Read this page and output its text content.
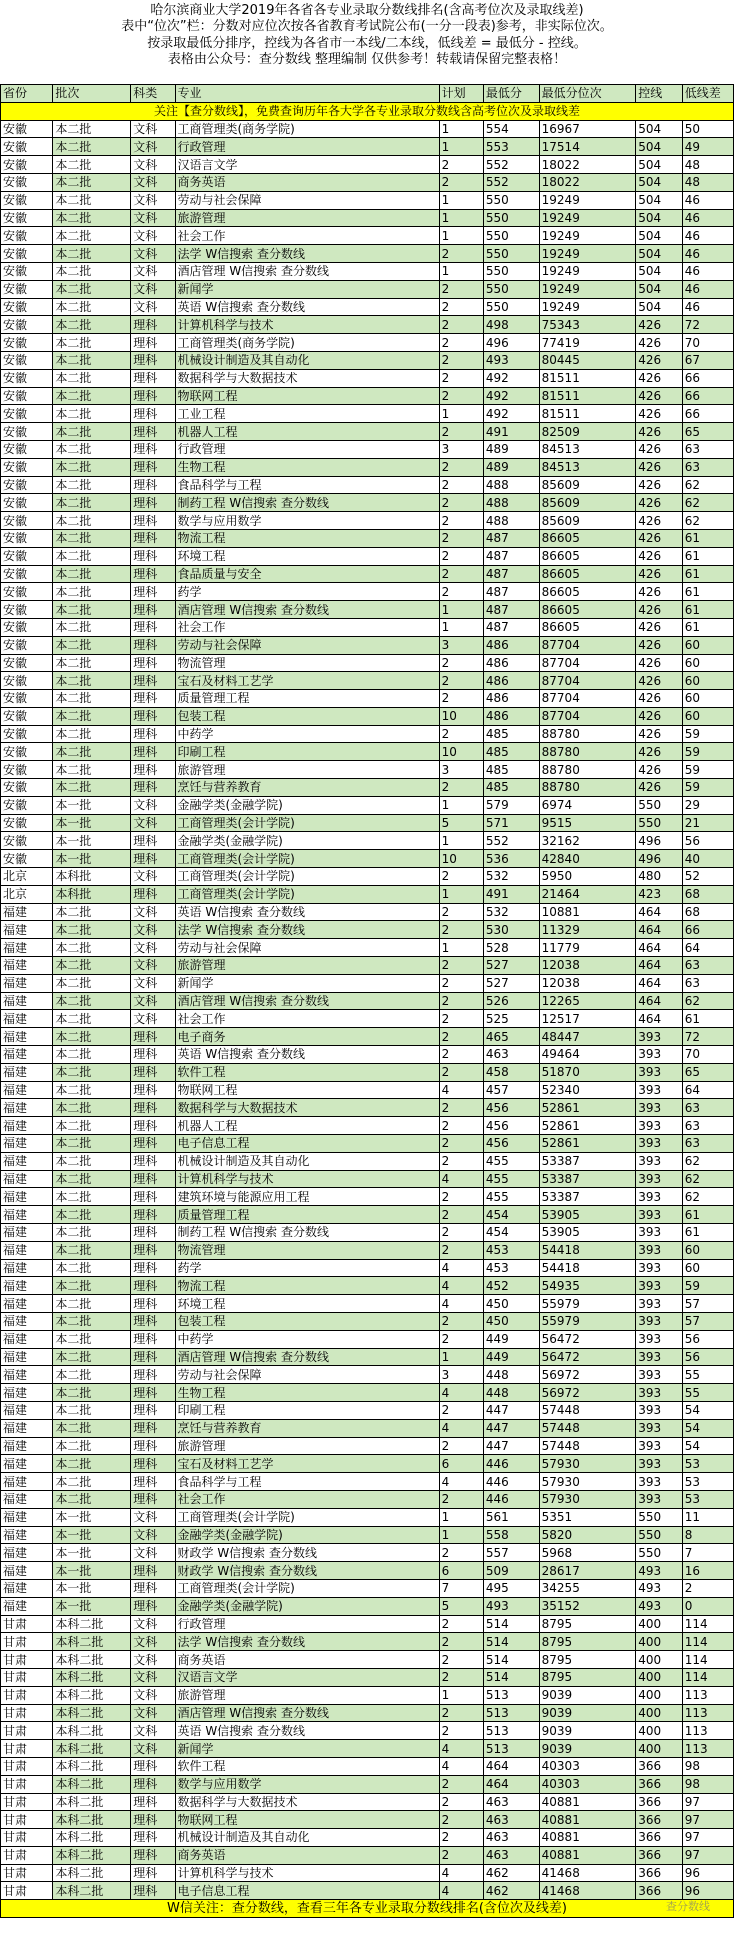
哈尔滨商业大学2019年各省各专业录取分数线排名(含高考位次及录取线差)
表中“位次”栏：分数对应位次按各省教育考试院公布(一分一段表)参考，非实际位次。
按录取最低分排序，控线为各省市一本线/二本线，低线差 = 最低分 - 控线。
表格由公众号：查分数线 整理编制 仅供参考！转载请保留完整表格！
省份	批次	科类	专业	计划	最低分	最低分位次	控线	低线差
关注【查分数线】，免费查询历年各大学各专业录取分数线含高考位次及录取线差								
安徽	本二批	文科	工商管理类(商务学院)	1	554	16967	504	50
安徽	本二批	文科	行政管理	1	553	17514	504	49
安徽	本二批	文科	汉语言文学	2	552	18022	504	48
安徽	本二批	文科	商务英语	2	552	18022	504	48
安徽	本二批	文科	劳动与社会保障	1	550	19249	504	46
安徽	本二批	文科	旅游管理	1	550	19249	504	46
安徽	本二批	文科	社会工作	1	550	19249	504	46
安徽	本二批	文科	法学 W信搜索 查分数线	2	550	19249	504	46
安徽	本二批	文科	酒店管理 W信搜索 查分数线	1	550	19249	504	46
安徽	本二批	文科	新闻学	2	550	19249	504	46
安徽	本二批	文科	英语 W信搜索 查分数线	2	550	19249	504	46
安徽	本二批	理科	计算机科学与技术	2	498	75343	426	72
安徽	本二批	理科	工商管理类(商务学院)	2	496	77419	426	70
安徽	本二批	理科	机械设计制造及其自动化	2	493	80445	426	67
安徽	本二批	理科	数据科学与大数据技术	2	492	81511	426	66
安徽	本二批	理科	物联网工程	2	492	81511	426	66
安徽	本二批	理科	工业工程	1	492	81511	426	66
安徽	本二批	理科	机器人工程	2	491	82509	426	65
安徽	本二批	理科	行政管理	3	489	84513	426	63
安徽	本二批	理科	生物工程	2	489	84513	426	63
安徽	本二批	理科	食品科学与工程	2	488	85609	426	62
安徽	本二批	理科	制药工程 W信搜索 查分数线	2	488	85609	426	62
安徽	本二批	理科	数学与应用数学	2	488	85609	426	62
安徽	本二批	理科	物流工程	2	487	86605	426	61
安徽	本二批	理科	环境工程	2	487	86605	426	61
安徽	本二批	理科	食品质量与安全	2	487	86605	426	61
安徽	本二批	理科	药学	2	487	86605	426	61
安徽	本二批	理科	酒店管理 W信搜索 查分数线	1	487	86605	426	61
安徽	本二批	理科	社会工作	1	487	86605	426	61
安徽	本二批	理科	劳动与社会保障	3	486	87704	426	60
安徽	本二批	理科	物流管理	2	486	87704	426	60
安徽	本二批	理科	宝石及材料工艺学	2	486	87704	426	60
安徽	本二批	理科	质量管理工程	2	486	87704	426	60
安徽	本二批	理科	包装工程	10	486	87704	426	60
安徽	本二批	理科	中药学	2	485	88780	426	59
安徽	本二批	理科	印刷工程	10	485	88780	426	59
安徽	本二批	理科	旅游管理	3	485	88780	426	59
安徽	本二批	理科	烹饪与营养教育	2	485	88780	426	59
安徽	本一批	文科	金融学类(金融学院)	1	579	6974	550	29
安徽	本一批	文科	工商管理类(会计学院)	5	571	9515	550	21
安徽	本一批	理科	金融学类(金融学院)	1	552	32162	496	56
安徽	本一批	理科	工商管理类(会计学院)	10	536	42840	496	40
北京	本科批	文科	工商管理类(会计学院)	2	532	5950	480	52
北京	本科批	理科	工商管理类(会计学院)	1	491	21464	423	68
福建	本二批	文科	英语 W信搜索 查分数线	2	532	10881	464	68
福建	本二批	文科	法学 W信搜索 查分数线	2	530	11329	464	66
福建	本二批	文科	劳动与社会保障	1	528	11779	464	64
福建	本二批	文科	旅游管理	2	527	12038	464	63
福建	本二批	文科	新闻学	2	527	12038	464	63
福建	本二批	文科	酒店管理 W信搜索 查分数线	2	526	12265	464	62
福建	本二批	文科	社会工作	2	525	12517	464	61
福建	本二批	理科	电子商务	2	465	48447	393	72
福建	本二批	理科	英语 W信搜索 查分数线	2	463	49464	393	70
福建	本二批	理科	软件工程	2	458	51870	393	65
福建	本二批	理科	物联网工程	4	457	52340	393	64
福建	本二批	理科	数据科学与大数据技术	2	456	52861	393	63
福建	本二批	理科	机器人工程	2	456	52861	393	63
福建	本二批	理科	电子信息工程	2	456	52861	393	63
福建	本二批	理科	机械设计制造及其自动化	2	455	53387	393	62
福建	本二批	理科	计算机科学与技术	4	455	53387	393	62
福建	本二批	理科	建筑环境与能源应用工程	2	455	53387	393	62
福建	本二批	理科	质量管理工程	2	454	53905	393	61
福建	本二批	理科	制药工程 W信搜索 查分数线	2	454	53905	393	61
福建	本二批	理科	物流管理	2	453	54418	393	60
福建	本二批	理科	药学	4	453	54418	393	60
福建	本二批	理科	物流工程	4	452	54935	393	59
福建	本二批	理科	环境工程	4	450	55979	393	57
福建	本二批	理科	包装工程	2	450	55979	393	57
福建	本二批	理科	中药学	2	449	56472	393	56
福建	本二批	理科	酒店管理 W信搜索 查分数线	1	449	56472	393	56
福建	本二批	理科	劳动与社会保障	3	448	56972	393	55
福建	本二批	理科	生物工程	4	448	56972	393	55
福建	本二批	理科	印刷工程	2	447	57448	393	54
福建	本二批	理科	烹饪与营养教育	4	447	57448	393	54
福建	本二批	理科	旅游管理	2	447	57448	393	54
福建	本二批	理科	宝石及材料工艺学	6	446	57930	393	53
福建	本二批	理科	食品科学与工程	4	446	57930	393	53
福建	本二批	理科	社会工作	2	446	57930	393	53
福建	本一批	文科	工商管理类(会计学院)	1	561	5351	550	11
福建	本一批	文科	金融学类(金融学院)	1	558	5820	550	8
福建	本一批	文科	财政学 W信搜索 查分数线	2	557	5968	550	7
福建	本一批	理科	财政学 W信搜索 查分数线	6	509	28617	493	16
福建	本一批	理科	工商管理类(会计学院)	7	495	34255	493	2
福建	本一批	理科	金融学类(金融学院)	5	493	35152	493	0
甘肃	本科二批	文科	行政管理	2	514	8795	400	114
甘肃	本科二批	文科	法学 W信搜索 查分数线	2	514	8795	400	114
甘肃	本科二批	文科	商务英语	2	514	8795	400	114
甘肃	本科二批	文科	汉语言文学	2	514	8795	400	114
甘肃	本科二批	文科	旅游管理	1	513	9039	400	113
甘肃	本科二批	文科	酒店管理 W信搜索 查分数线	2	513	9039	400	113
甘肃	本科二批	文科	英语 W信搜索 查分数线	2	513	9039	400	113
甘肃	本科二批	文科	新闻学	4	513	9039	400	113
甘肃	本科二批	理科	软件工程	4	464	40303	366	98
甘肃	本科二批	理科	数学与应用数学	2	464	40303	366	98
甘肃	本科二批	理科	数据科学与大数据技术	2	463	40881	366	97
甘肃	本科二批	理科	物联网工程	2	463	40881	366	97
甘肃	本科二批	理科	机械设计制造及其自动化	2	463	40881	366	97
甘肃	本科二批	理科	商务英语	2	463	40881	366	97
甘肃	本科二批	理科	计算机科学与技术	4	462	41468	366	96
甘肃	本科二批	理科	电子信息工程	4	462	41468	366	96
W信关注：查分数线，查看三年各专业录取分数线排名(含位次及线差)									查分数线
